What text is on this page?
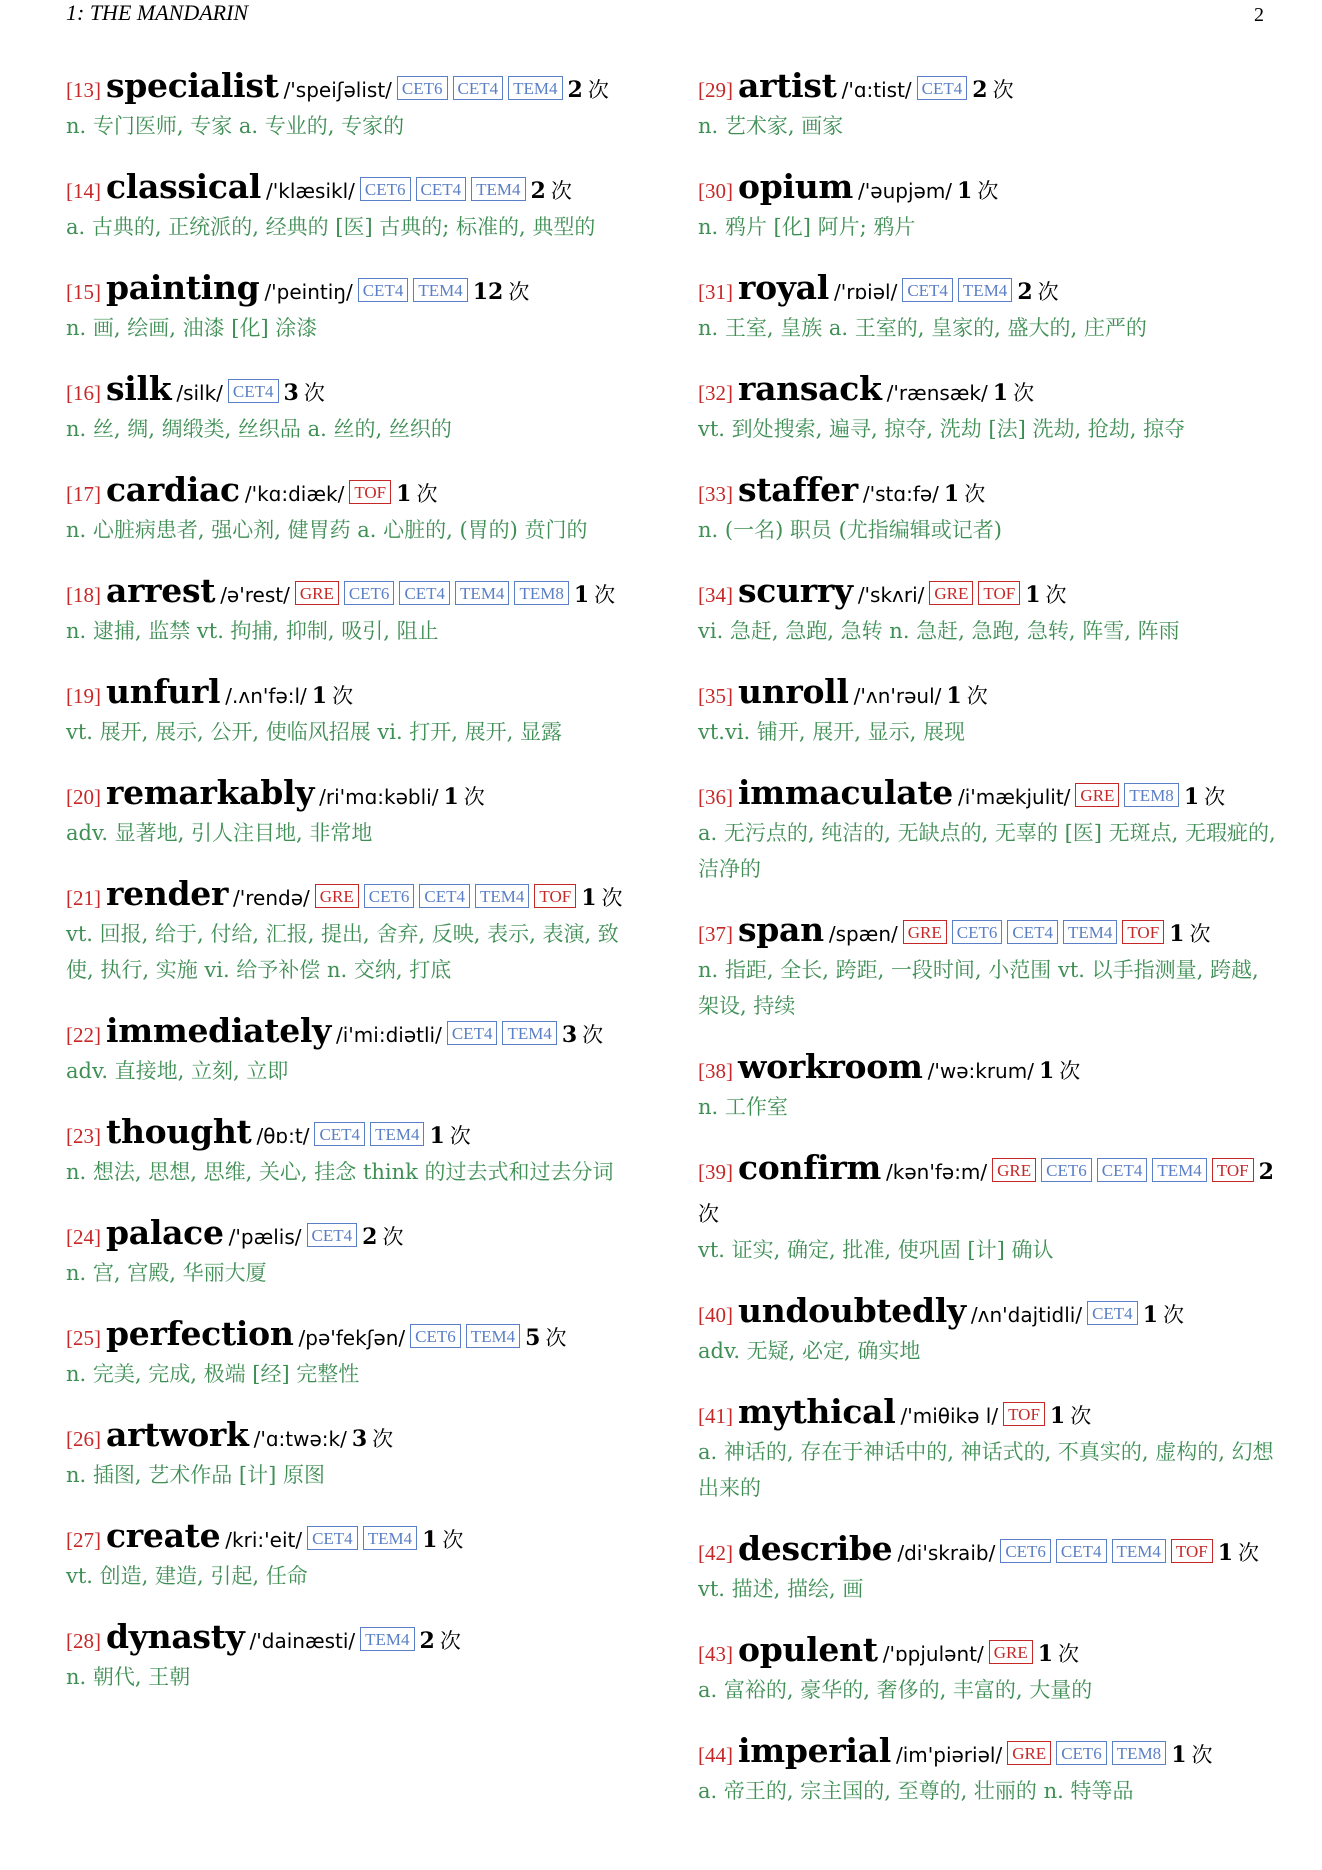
1: THE MANDARIN	2
[13] specialist /'speiʃəlist/ CET6 CET4 TEM4 2 次
n. 专门医师, 专家 a. 专业的, 专家的
[14] classical /'klæsikl/ CET6 CET4 TEM4 2 次
a. 古典的, 正统派的, 经典的 [医] 古典的; 标准的, 典型的
[15] painting /'peintiŋ/ CET4 TEM4 12 次
n. 画, 绘画, 油漆 [化] 涂漆
[16] silk /silk/ CET4 3 次
n. 丝, 绸, 绸缎类, 丝织品 a. 丝的, 丝织的
[17] cardiac /'kɑ:diæk/ TOF 1 次
n. 心脏病患者, 强心剂, 健胃药 a. 心脏的, (胃的) 贲门的
[18] arrest /ə'rest/ GRE CET6 CET4 TEM4 TEM8 1 次
n. 逮捕, 监禁 vt. 拘捕, 抑制, 吸引, 阻止
[19] unfurl /.ʌn'fə:l/ 1 次
vt. 展开, 展示, 公开, 使临风招展 vi. 打开, 展开, 显露
[20] remarkably /ri'mɑ:kəbli/ 1 次
adv. 显著地, 引人注目地, 非常地
[21] render /'rendə/ GRE CET6 CET4 TEM4 TOF 1 次
vt. 回报, 给于, 付给, 汇报, 提出, 舍弃, 反映, 表示, 表演, 致使, 执行, 实施 vi. 给予补偿 n. 交纳, 打底
[22] immediately /i'mi:diətli/ CET4 TEM4 3 次
adv. 直接地, 立刻, 立即
[23] thought /θɒ:t/ CET4 TEM4 1 次
n. 想法, 思想, 思维, 关心, 挂念 think 的过去式和过去分词
[24] palace /'pælis/ CET4 2 次
n. 宫, 宫殿, 华丽大厦
[25] perfection /pə'fekʃən/ CET6 TEM4 5 次
n. 完美, 完成, 极端 [经] 完整性
[26] artwork /'ɑ:twə:k/ 3 次
n. 插图, 艺术作品 [计] 原图
[27] create /kri:'eit/ CET4 TEM4 1 次
vt. 创造, 建造, 引起, 任命
[28] dynasty /'dainæsti/ TEM4 2 次
n. 朝代, 王朝
[29] artist /'ɑ:tist/ CET4 2 次
n. 艺术家, 画家
[30] opium /'əupjəm/ 1 次
n. 鸦片 [化] 阿片; 鸦片
[31] royal /'rɒiəl/ CET4 TEM4 2 次
n. 王室, 皇族 a. 王室的, 皇家的, 盛大的, 庄严的
[32] ransack /'rænsæk/ 1 次
vt. 到处搜索, 遍寻, 掠夺, 洗劫 [法] 洗劫, 抢劫, 掠夺
[33] staffer /'stɑ:fə/ 1 次
n. (一名) 职员 (尤指编辑或记者)
[34] scurry /'skʌri/ GRE TOF 1 次
vi. 急赶, 急跑, 急转 n. 急赶, 急跑, 急转, 阵雪, 阵雨
[35] unroll /'ʌn'rəul/ 1 次
vt.vi. 铺开, 展开, 显示, 展现
[36] immaculate /i'mækjulit/ GRE TEM8 1 次
a. 无污点的, 纯洁的, 无缺点的, 无辜的 [医] 无斑点, 无瑕疵的, 洁净的
[37] span /spæn/ GRE CET6 CET4 TEM4 TOF 1 次
n. 指距, 全长, 跨距, 一段时间, 小范围 vt. 以手指测量, 跨越, 架设, 持续
[38] workroom /'wə:krum/ 1 次
n. 工作室
[39] confirm /kən'fə:m/ GRE CET6 CET4 TEM4 TOF 2
次
vt. 证实, 确定, 批准, 使巩固 [计] 确认
[40] undoubtedly /ʌn'dajtidli/ CET4 1 次
adv. 无疑, 必定, 确实地
[41] mythical /'miθikə l/ TOF 1 次
a. 神话的, 存在于神话中的, 神话式的, 不真实的, 虚构的, 幻想出来的
[42] describe /di'skraib/ CET6 CET4 TEM4 TOF 1 次
vt. 描述, 描绘, 画
[43] opulent /'ɒpjulənt/ GRE 1 次
a. 富裕的, 豪华的, 奢侈的, 丰富的, 大量的
[44] imperial /im'piəriəl/ GRE CET6 TEM8 1 次
a. 帝王的, 宗主国的, 至尊的, 壮丽的 n. 特等品
